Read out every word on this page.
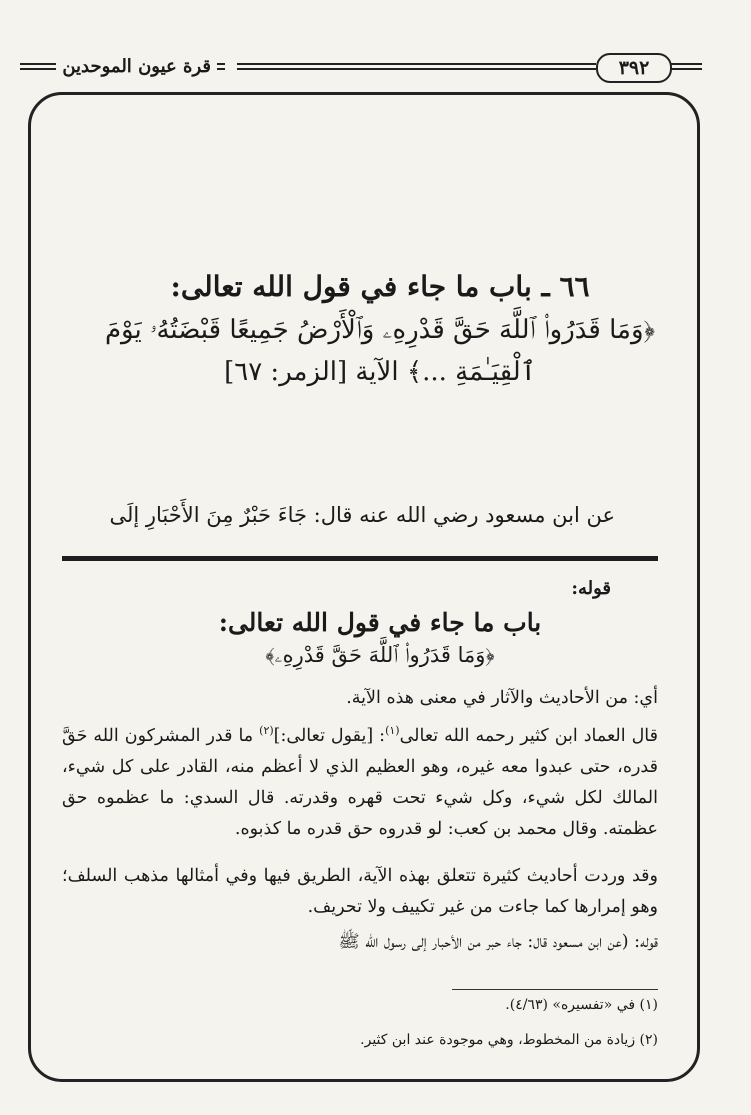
قرة عيون الموحدين	٣٩٢
٦٦ ـ باب ما جاء في قول الله تعالى:
﴿وَمَا قَدَرُوا۟ ٱللَّهَ حَقَّ قَدْرِهِۦ وَٱلْأَرْضُ جَمِيعًا قَبْضَتُهُۥ يَوْمَ
ٱلْقِيَـٰمَةِ ...﴾ الآية [الزمر: ٦٧]
عن ابن مسعود رضي الله عنه قال: جَاءَ حَبْرٌ مِنَ الأَحْبَارِ إلَى
قوله:
باب ما جاء في قول الله تعالى:
﴿وَمَا قَدَرُوا۟ ٱللَّهَ حَقَّ قَدْرِهِۦ﴾
أي: من الأحاديث والآثار في معنى هذه الآية.
قال العماد ابن كثير رحمه الله تعالى$^{(١)}$: [يقول تعالى:]$^{(٢)}$ ما قدر المشركون الله حَقَّ قدره، حتى عبدوا معه غيره، وهو العظيم الذي لا أعظم منه، القادر على كل شيء، المالك لكل شيء، وكل شيء تحت قهره وقدرته. قال السدي: ما عظموه حق عظمته. وقال محمد بن كعب: لو قدروه حق قدره ما كذبوه.
وقد وردت أحاديث كثيرة تتعلق بهذه الآية، الطريق فيها وفي أمثالها مذهب السلف؛ وهو إمرارها كما جاءت من غير تكييف ولا تحريف.
قوله: (عن ابن مسعود قال: جاء حبر من الأحبار إلى رسول الله ﷺ
(١) في «تفسيره» (٤/٦٣).
(٢) زيادة من المخطوط، وهي موجودة عند ابن كثير.
